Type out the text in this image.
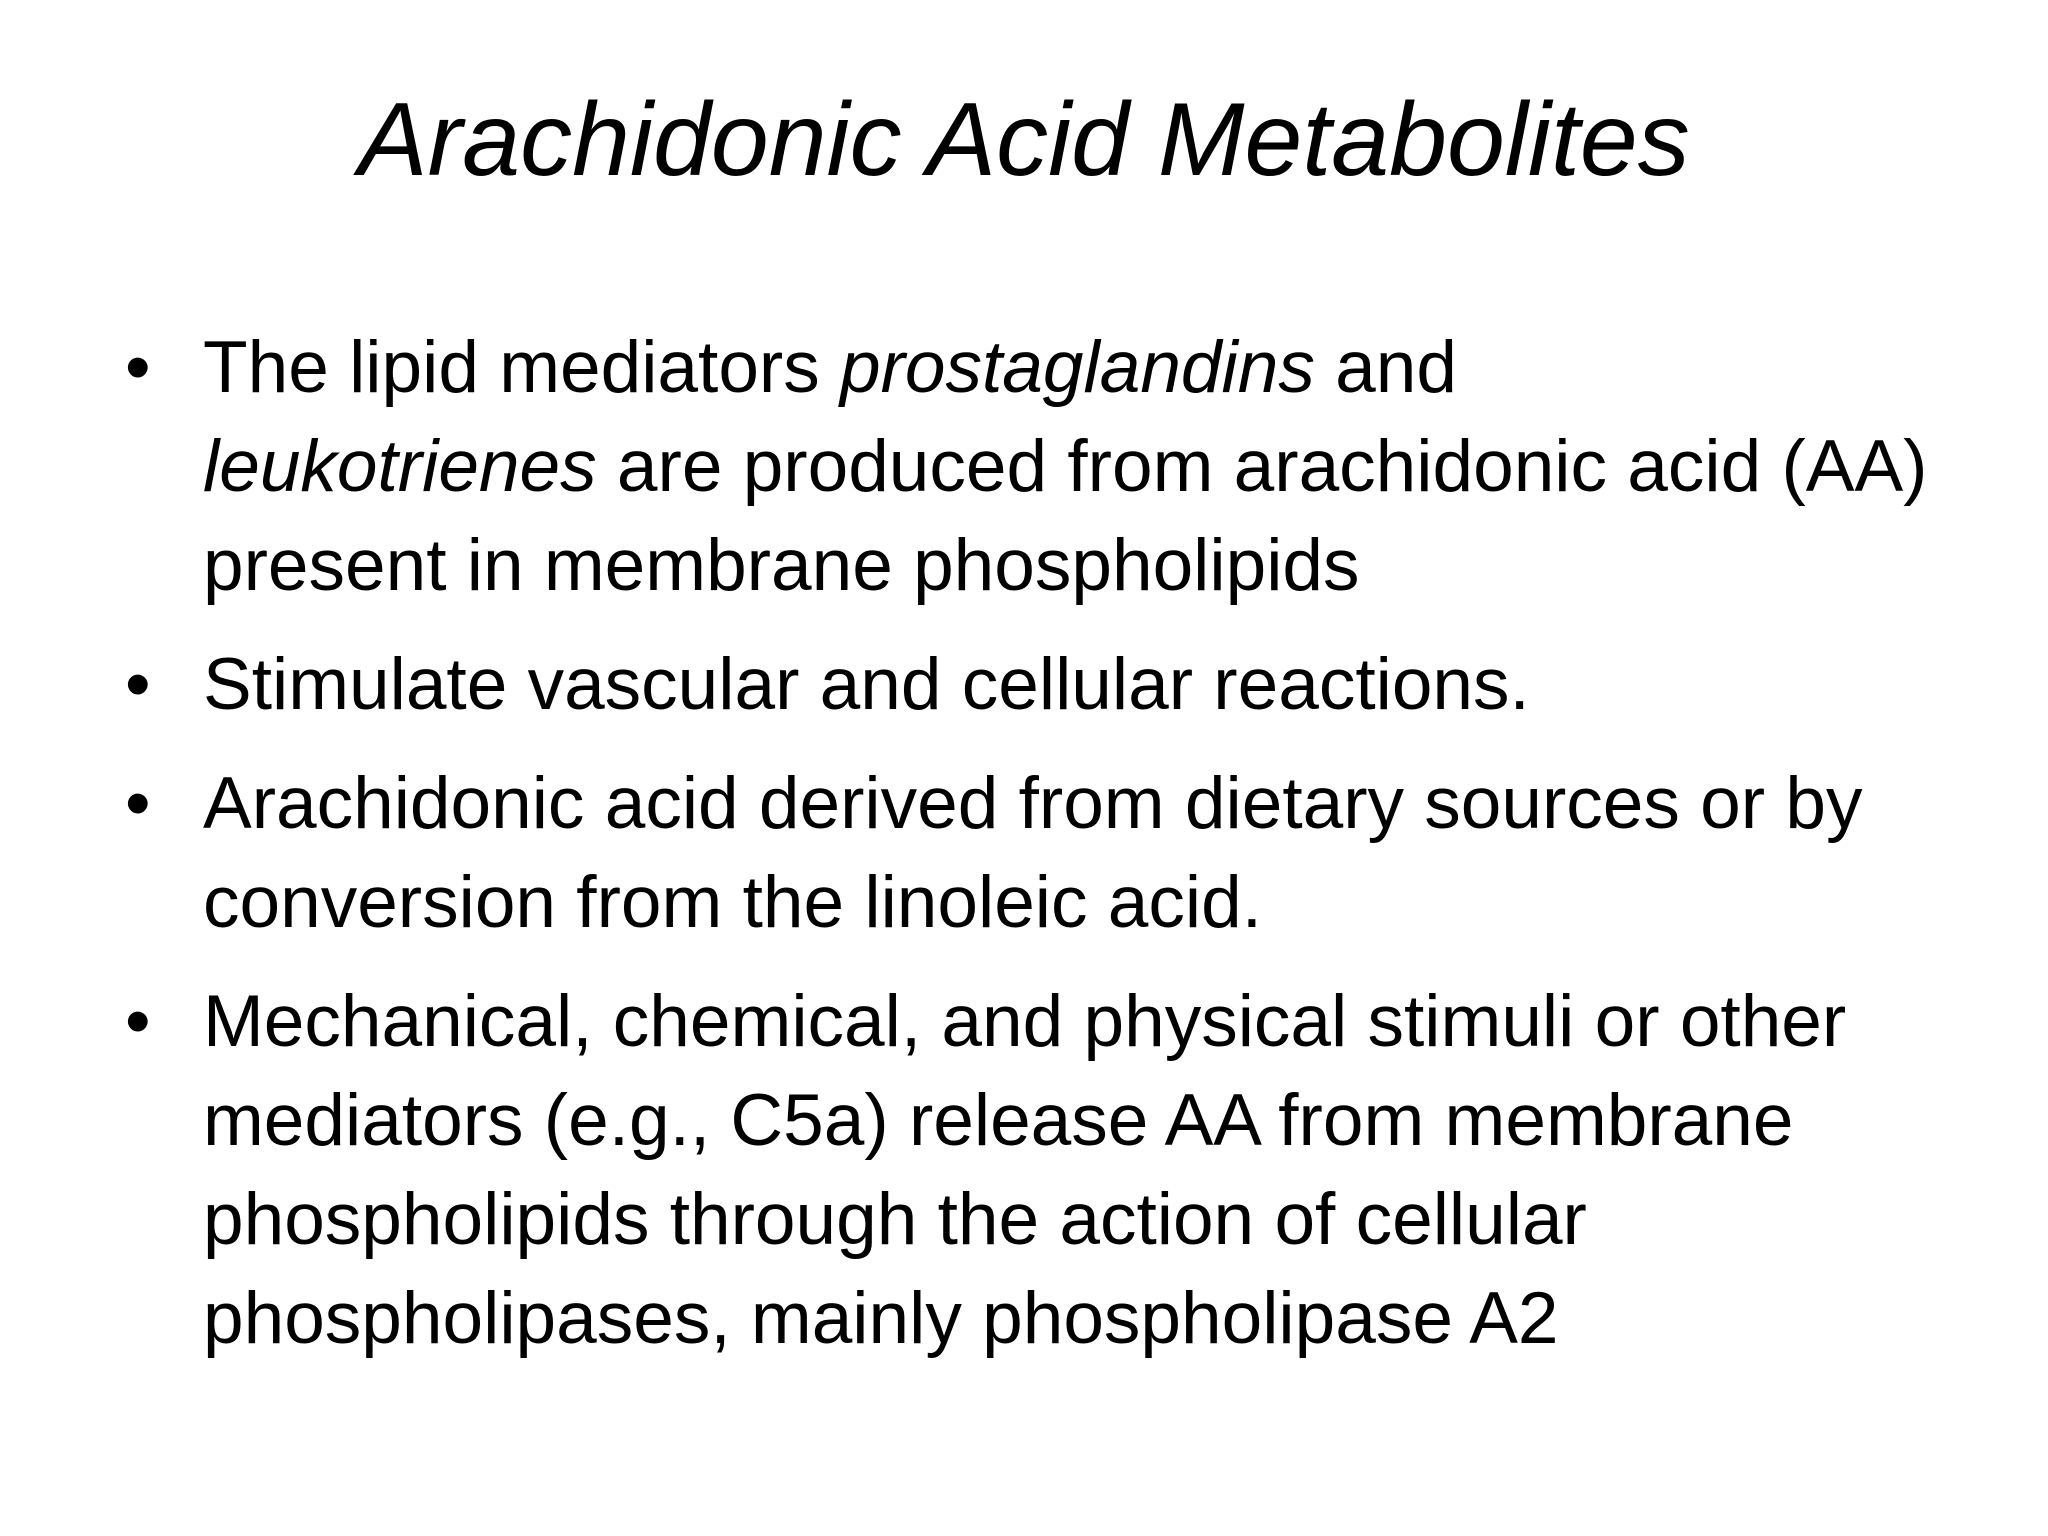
Arachidonic Acid Metabolites
• The lipid mediators prostaglandins and
leukotrienes are produced from arachidonic acid (AA) present in membrane phospholipids
• Stimulate vascular and cellular reactions.
• Arachidonic acid derived from dietary sources or by conversion from the linoleic acid.
• Mechanical, chemical, and physical stimuli or other mediators (e.g., C5a) release AA from membrane phospholipids through the action of cellular phospholipases, mainly phospholipase A2
